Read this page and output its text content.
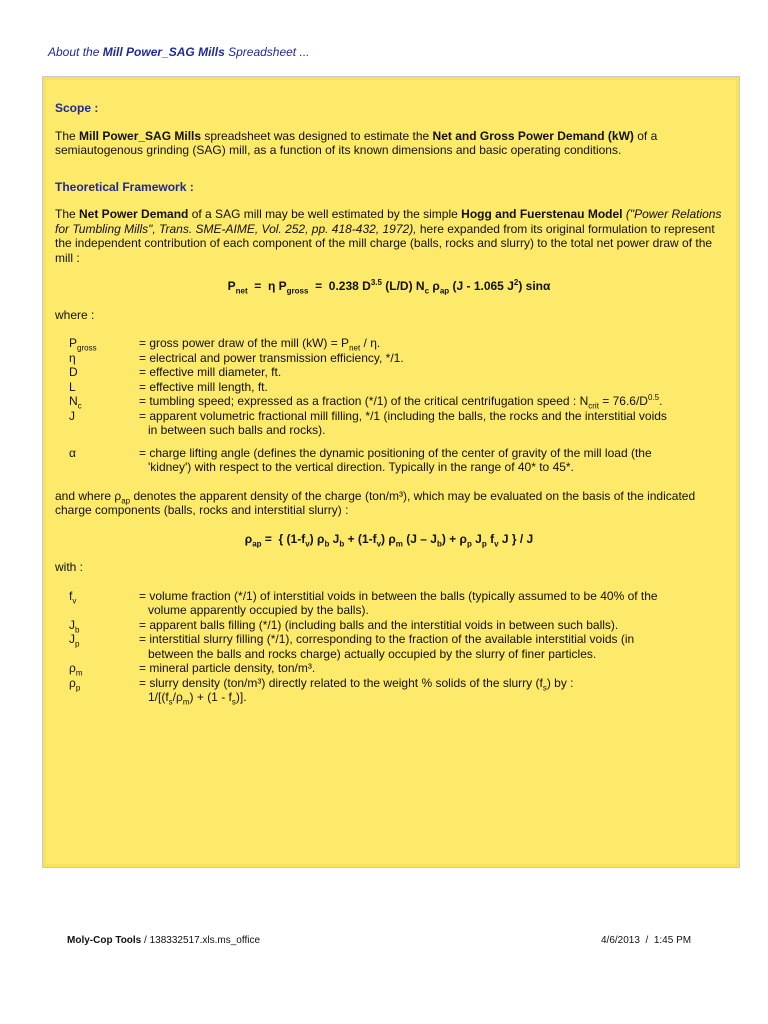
About the Mill Power_SAG Mills Spreadsheet ...
Scope :

The Mill Power_SAG Mills spreadsheet was designed to estimate the Net and Gross Power Demand (kW) of a semiautogenous grinding (SAG) mill, as a function of its known dimensions and basic operating conditions.

Theoretical Framework :

The Net Power Demand of a SAG mill may be well estimated by the simple Hogg and Fuerstenau Model ("Power Relations for Tumbling Mills", Trans. SME-AIME, Vol. 252, pp. 418-432, 1972), here expanded from its original formulation to represent the independent contribution of each component of the mill charge (balls, rocks and slurry) to the total net power draw of the mill :

$P_{net} = \eta$ $P_{gross} = 0.238$ $D^{3.5}$ (L/D) $N_c$ $\rho_{ap}$ (J - 1.065 $J^2$) sinα

where :

$P_{gross}$	= gross power draw of the mill $(kW) = P_{net} / \eta$.
η	= electrical and power transmission efficiency, */1.
D	= effective mill diameter, ft.
L	= effective mill length, ft.
$N_c$	= tumbling speed; expressed as a fraction (*/1) of the critical centrifugation speed : $N_{crit} = 76.6/D^{0.5}$.
J	= apparent volumetric fractional mill filling, */1 (including the balls, the rocks and the interstitial voids
in between such balls and rocks).
α	= charge lifting angle (defines the dynamic positioning of the center of gravity of the mill load (the
'kidney') with respect to the vertical direction. Typically in the range of 40* to 45*.

and where $\rho_{ap}$ denotes the apparent density of the charge (ton/m³), which may be evaluated on the basis of the indicated charge components (balls, rocks and interstitial slurry) :

$\rho_{ap}$ =  { $(1-f_v)$ $\rho_b$ $J_b + (1-f_v)$ $\rho_m$ $(J - J_b) + \rho_p$ $J_p$ $f_v$ J } / J

with :

$f_v$	= volume fraction (*/1) of interstitial voids in between the balls (typically assumed to be 40% of the
volume apparently occupied by the balls).
$J_b$	= apparent balls filling (*/1) (including balls and the interstitial voids in between such balls).
$J_p$	= interstitial slurry filling (*/1), corresponding to the fraction of the available interstitial voids (in
between the balls and rocks charge) actually occupied by the slurry of finer particles.
$\rho_m$	= mineral particle density, ton/m³.
$\rho_p$	= slurry density (ton/m³) directly related to the weight % solids of the slurry $(f_s)$ by :
$1/[(f_s/\rho_m) + (1 - f_s)]$.
Moly-Cop Tools / 138332517.xls.ms_office	4/6/2013  /  1:45 PM
